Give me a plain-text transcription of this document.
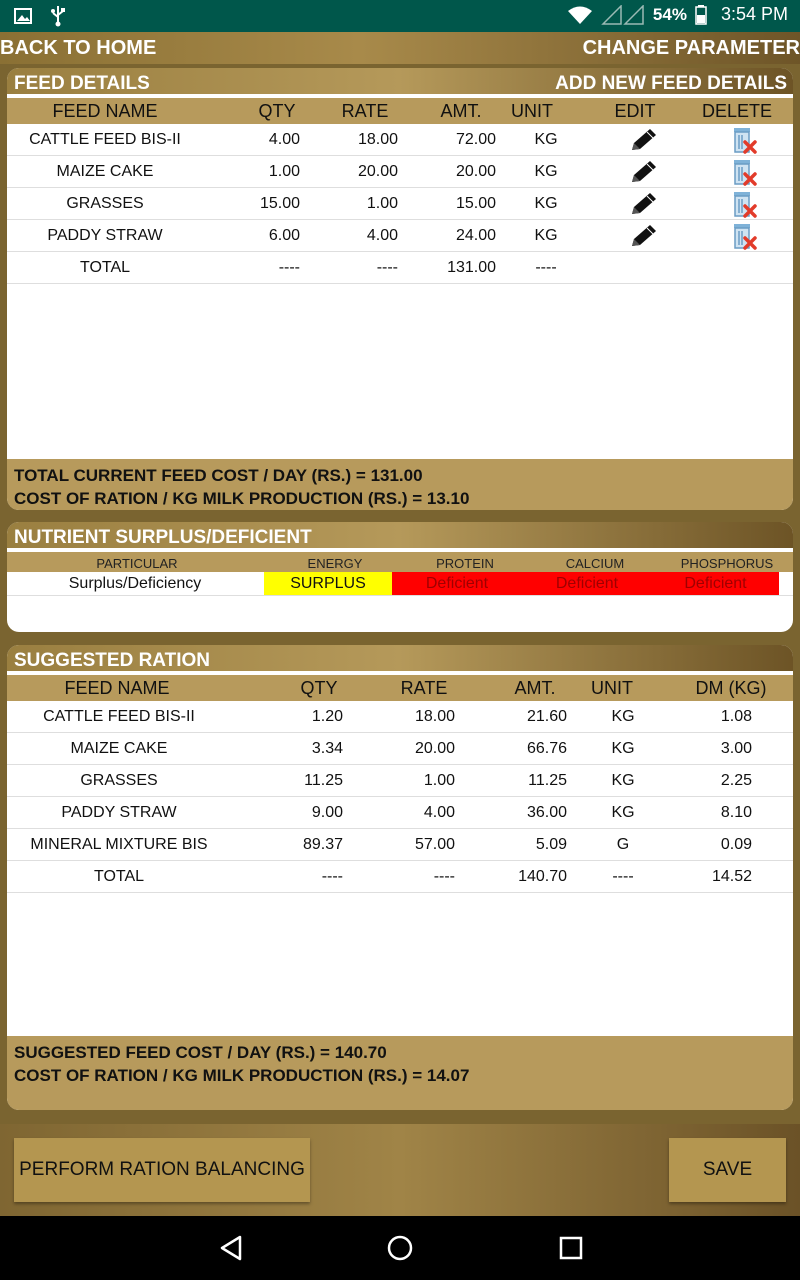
54% 3:54 PM
BACK TO HOME	CHANGE PARAMETER
FEED DETAILS	ADD NEW FEED DETAILS
FEED NAME	QTY	RATE	AMT.	UNIT	EDIT	DELETE
CATTLE FEED BIS-II	4.00	18.00	72.00	KG
MAIZE CAKE	1.00	20.00	20.00	KG
GRASSES	15.00	1.00	15.00	KG
PADDY STRAW	6.00	4.00	24.00	KG
TOTAL	----	----	131.00	----
TOTAL CURRENT FEED COST / DAY (RS.) = 131.00
COST OF RATION / KG MILK PRODUCTION (RS.) = 13.10
NUTRIENT SURPLUS/DEFICIENT
PARTICULAR	ENERGY	PROTEIN	CALCIUM	PHOSPHORUS
Surplus/Deficiency	SURPLUS	Deficient	Deficient	Deficient
SUGGESTED RATION
FEED NAME	QTY	RATE	AMT.	UNIT	DM (KG)
CATTLE FEED BIS-II	1.20	18.00	21.60	KG	1.08
MAIZE CAKE	3.34	20.00	66.76	KG	3.00
GRASSES	11.25	1.00	11.25	KG	2.25
PADDY STRAW	9.00	4.00	36.00	KG	8.10
MINERAL MIXTURE BIS	89.37	57.00	5.09	G	0.09
TOTAL	----	----	140.70	----	14.52
SUGGESTED FEED COST / DAY (RS.) = 140.70
COST OF RATION / KG MILK PRODUCTION (RS.) = 14.07
PERFORM RATION BALANCING	SAVE
